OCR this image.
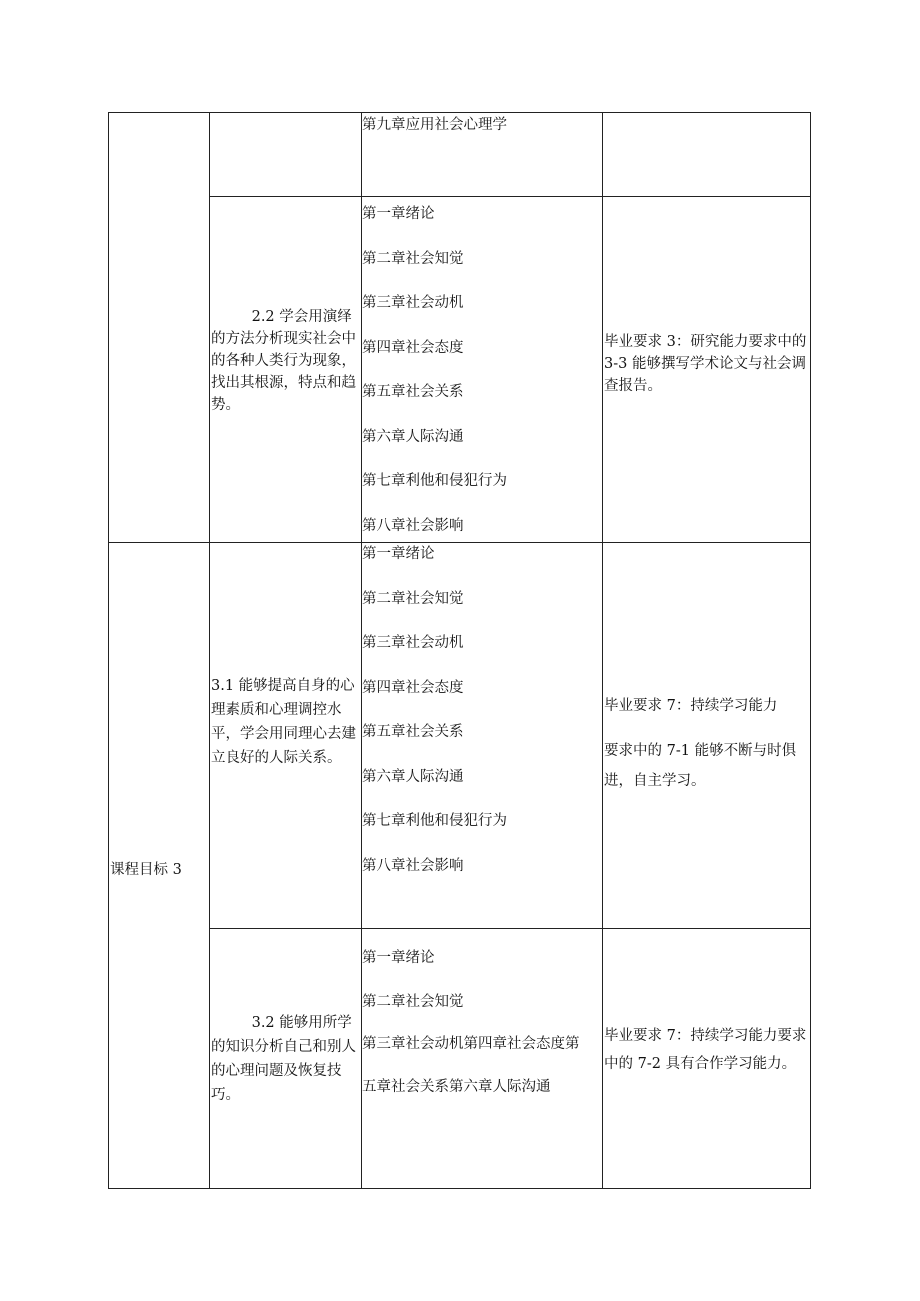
课程目标 3
第九章应用社会心理学
2.2 学会用演绎的方法分析现实社会中的各种人类行为现象，找出其根源，特点和趋势。
第一章绪论
第二章社会知觉
第三章社会动机
第四章社会态度
第五章社会关系
第六章人际沟通
第七章利他和侵犯行为
第八章社会影响
毕业要求 3：研究能力要求中的 3-3 能够撰写学术论文与社会调查报告。
3.1 能够提高自身的心理素质和心理调控水平，学会用同理心去建立良好的人际关系。
第一章绪论
第二章社会知觉
第三章社会动机
第四章社会态度
第五章社会关系
第六章人际沟通
第七章利他和侵犯行为
第八章社会影响
毕业要求 7：持续学习能力
要求中的 7-1 能够不断与时俱进，自主学习。
3.2 能够用所学的知识分析自己和别人的心理问题及恢复技巧。
第一章绪论
第二章社会知觉
第三章社会动机第四章社会态度第
五章社会关系第六章人际沟通
毕业要求 7：持续学习能力要求中的 7-2 具有合作学习能力。
